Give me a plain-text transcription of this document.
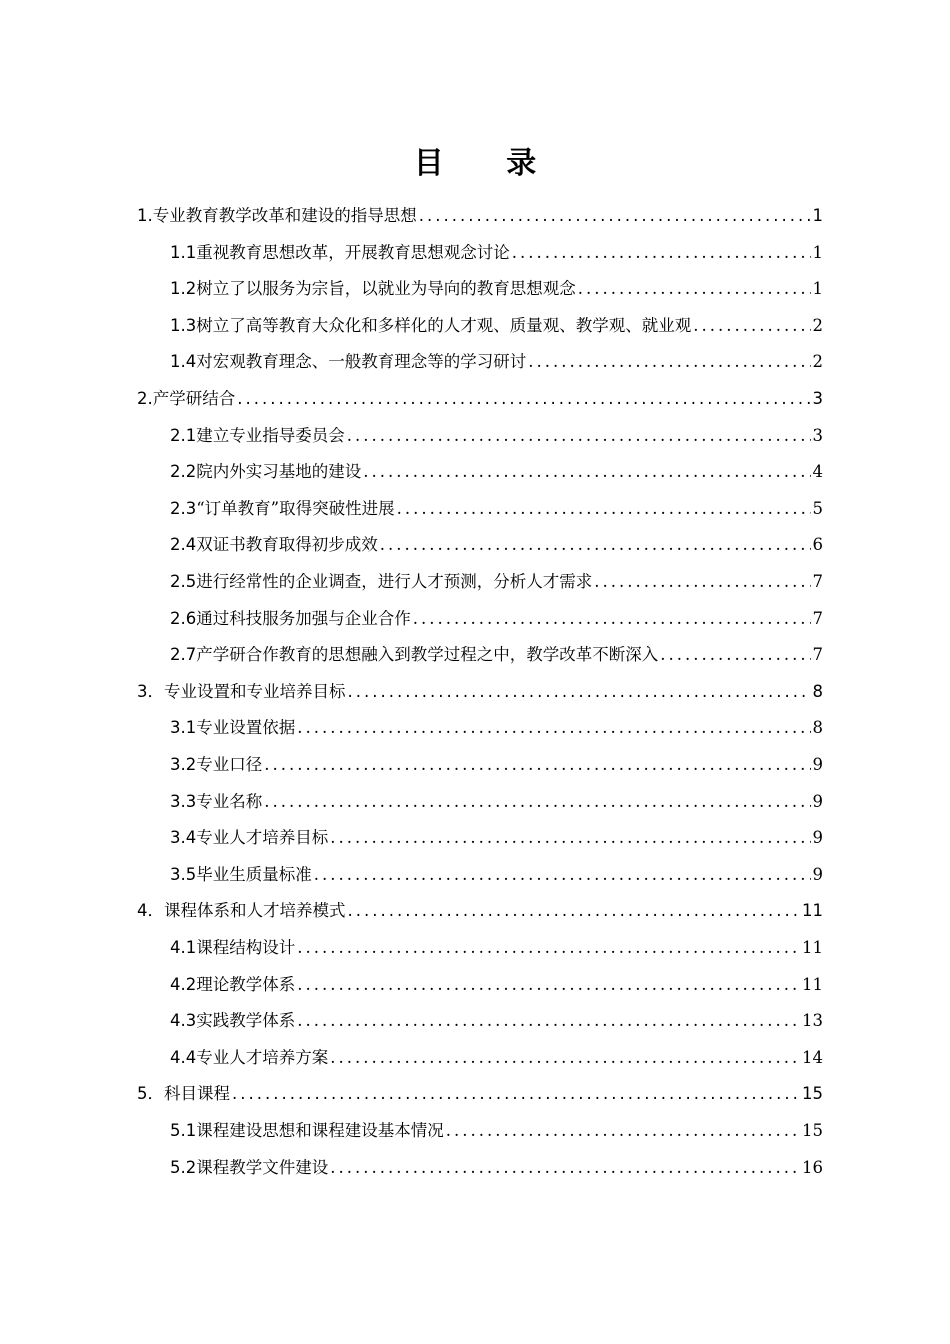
目 录
1.专业教育教学改革和建设的指导思想 .....	1
1.1重视教育思想改革，开展教育思想观念讨论 .....	1
1.2树立了以服务为宗旨，以就业为导向的教育思想观念 .....	1
1.3树立了高等教育大众化和多样化的人才观、质量观、教学观、就业观 .....	2
1.4对宏观教育理念、一般教育理念等的学习研讨 .....	2
2.产学研结合 .....	3
2.1建立专业指导委员会 .....	3
2.2院内外实习基地的建设 .....	4
2.3“订单教育”取得突破性进展 .....	5
2.4双证书教育取得初步成效 .....	6
2.5进行经常性的企业调查，进行人才预测，分析人才需求 .....	7
2.6通过科技服务加强与企业合作 .....	7
2.7产学研合作教育的思想融入到教学过程之中，教学改革不断深入 .....	7
3．专业设置和专业培养目标 .....	8
3.1专业设置依据 .....	8
3.2专业口径 .....	9
3.3专业名称 .....	9
3.4专业人才培养目标 .....	9
3.5毕业生质量标准 .....	9
4．课程体系和人才培养模式 .....	11
4.1课程结构设计 .....	11
4.2理论教学体系 .....	11
4.3实践教学体系 .....	13
4.4专业人才培养方案 .....	14
5．科目课程 .....	15
5.1课程建设思想和课程建设基本情况 .....	15
5.2课程教学文件建设 .....	16
